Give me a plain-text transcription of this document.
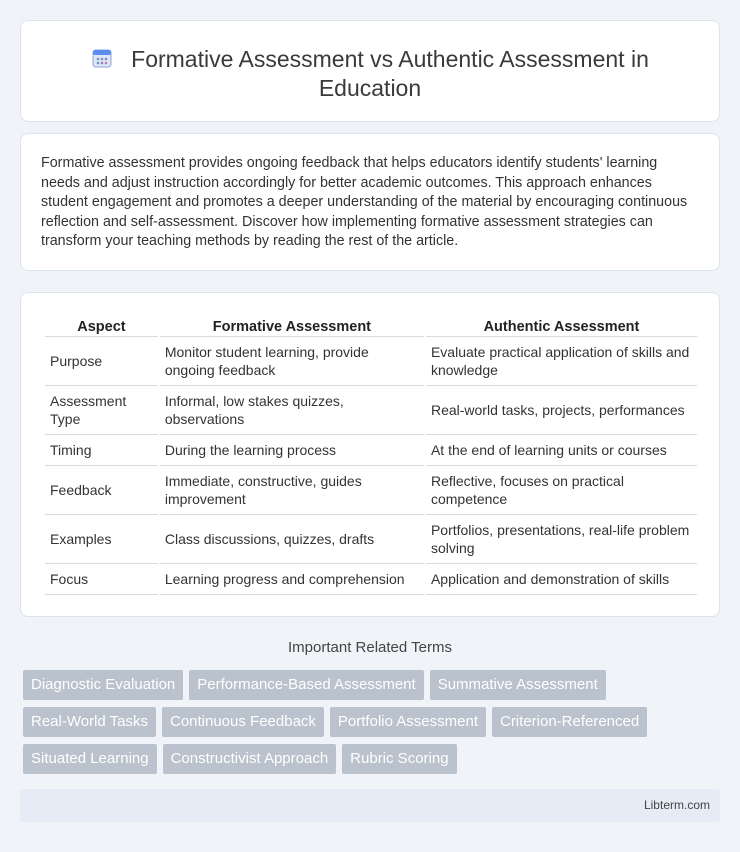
Formative Assessment vs Authentic Assessment in Education

Formative assessment provides ongoing feedback that helps educators identify students' learning needs and adjust instruction accordingly for better academic outcomes. This approach enhances student engagement and promotes a deeper understanding of the material by encouraging continuous reflection and self-assessment. Discover how implementing formative assessment strategies can transform your teaching methods by reading the rest of the article.

Aspect	Formative Assessment	Authentic Assessment
Purpose	Monitor student learning, provide ongoing feedback	Evaluate practical application of skills and knowledge
Assessment Type	Informal, low stakes quizzes, observations	Real-world tasks, projects, performances
Timing	During the learning process	At the end of learning units or courses
Feedback	Immediate, constructive, guides improvement	Reflective, focuses on practical competence
Examples	Class discussions, quizzes, drafts	Portfolios, presentations, real-life problem solving
Focus	Learning progress and comprehension	Application and demonstration of skills
Important Related Terms
Diagnostic Evaluation	Performance-Based Assessment	Summative Assessment
Real-World Tasks	Continuous Feedback	Portfolio Assessment	Criterion-Referenced
Situated Learning	Constructivist Approach	Rubric Scoring
Libterm.com
